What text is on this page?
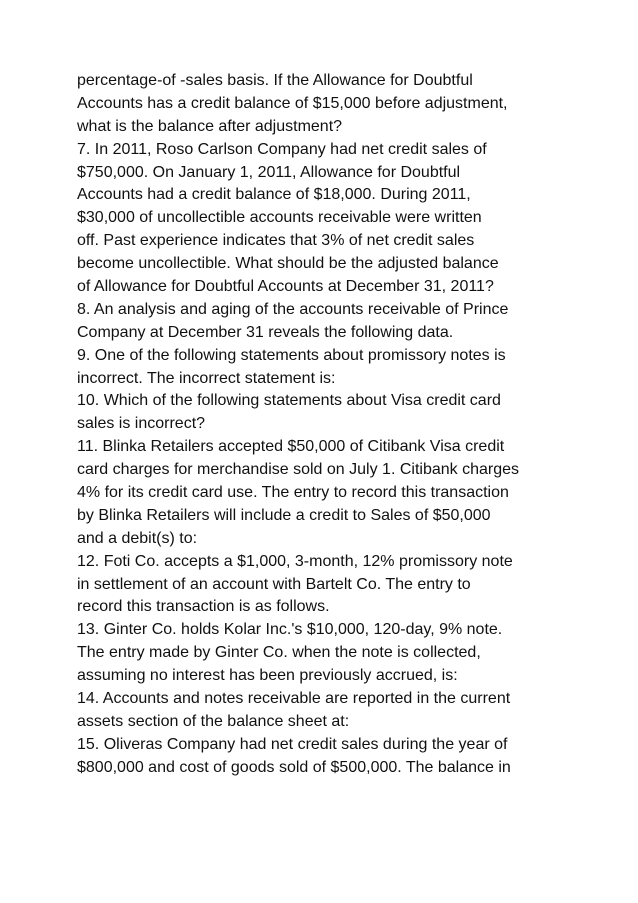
percentage-of -sales basis. If the Allowance for Doubtful
Accounts has a credit balance of $15,000 before adjustment,
what is the balance after adjustment?
7. In 2011, Roso Carlson Company had net credit sales of
$750,000. On January 1, 2011, Allowance for Doubtful
Accounts had a credit balance of $18,000. During 2011,
$30,000 of uncollectible accounts receivable were written
off. Past experience indicates that 3% of net credit sales
become uncollectible. What should be the adjusted balance
of Allowance for Doubtful Accounts at December 31, 2011?
8. An analysis and aging of the accounts receivable of Prince
Company at December 31 reveals the following data.
9. One of the following statements about promissory notes is
incorrect. The incorrect statement is:
10. Which of the following statements about Visa credit card
sales is incorrect?
11. Blinka Retailers accepted $50,000 of Citibank Visa credit
card charges for merchandise sold on July 1. Citibank charges
4% for its credit card use. The entry to record this transaction
by Blinka Retailers will include a credit to Sales of $50,000
and a debit(s) to:
12. Foti Co. accepts a $1,000, 3-month, 12% promissory note
in settlement of an account with Bartelt Co. The entry to
record this transaction is as follows.
13. Ginter Co. holds Kolar Inc.'s $10,000, 120-day, 9% note.
The entry made by Ginter Co. when the note is collected,
assuming no interest has been previously accrued, is:
14. Accounts and notes receivable are reported in the current
assets section of the balance sheet at:
15. Oliveras Company had net credit sales during the year of
$800,000 and cost of goods sold of $500,000. The balance in
